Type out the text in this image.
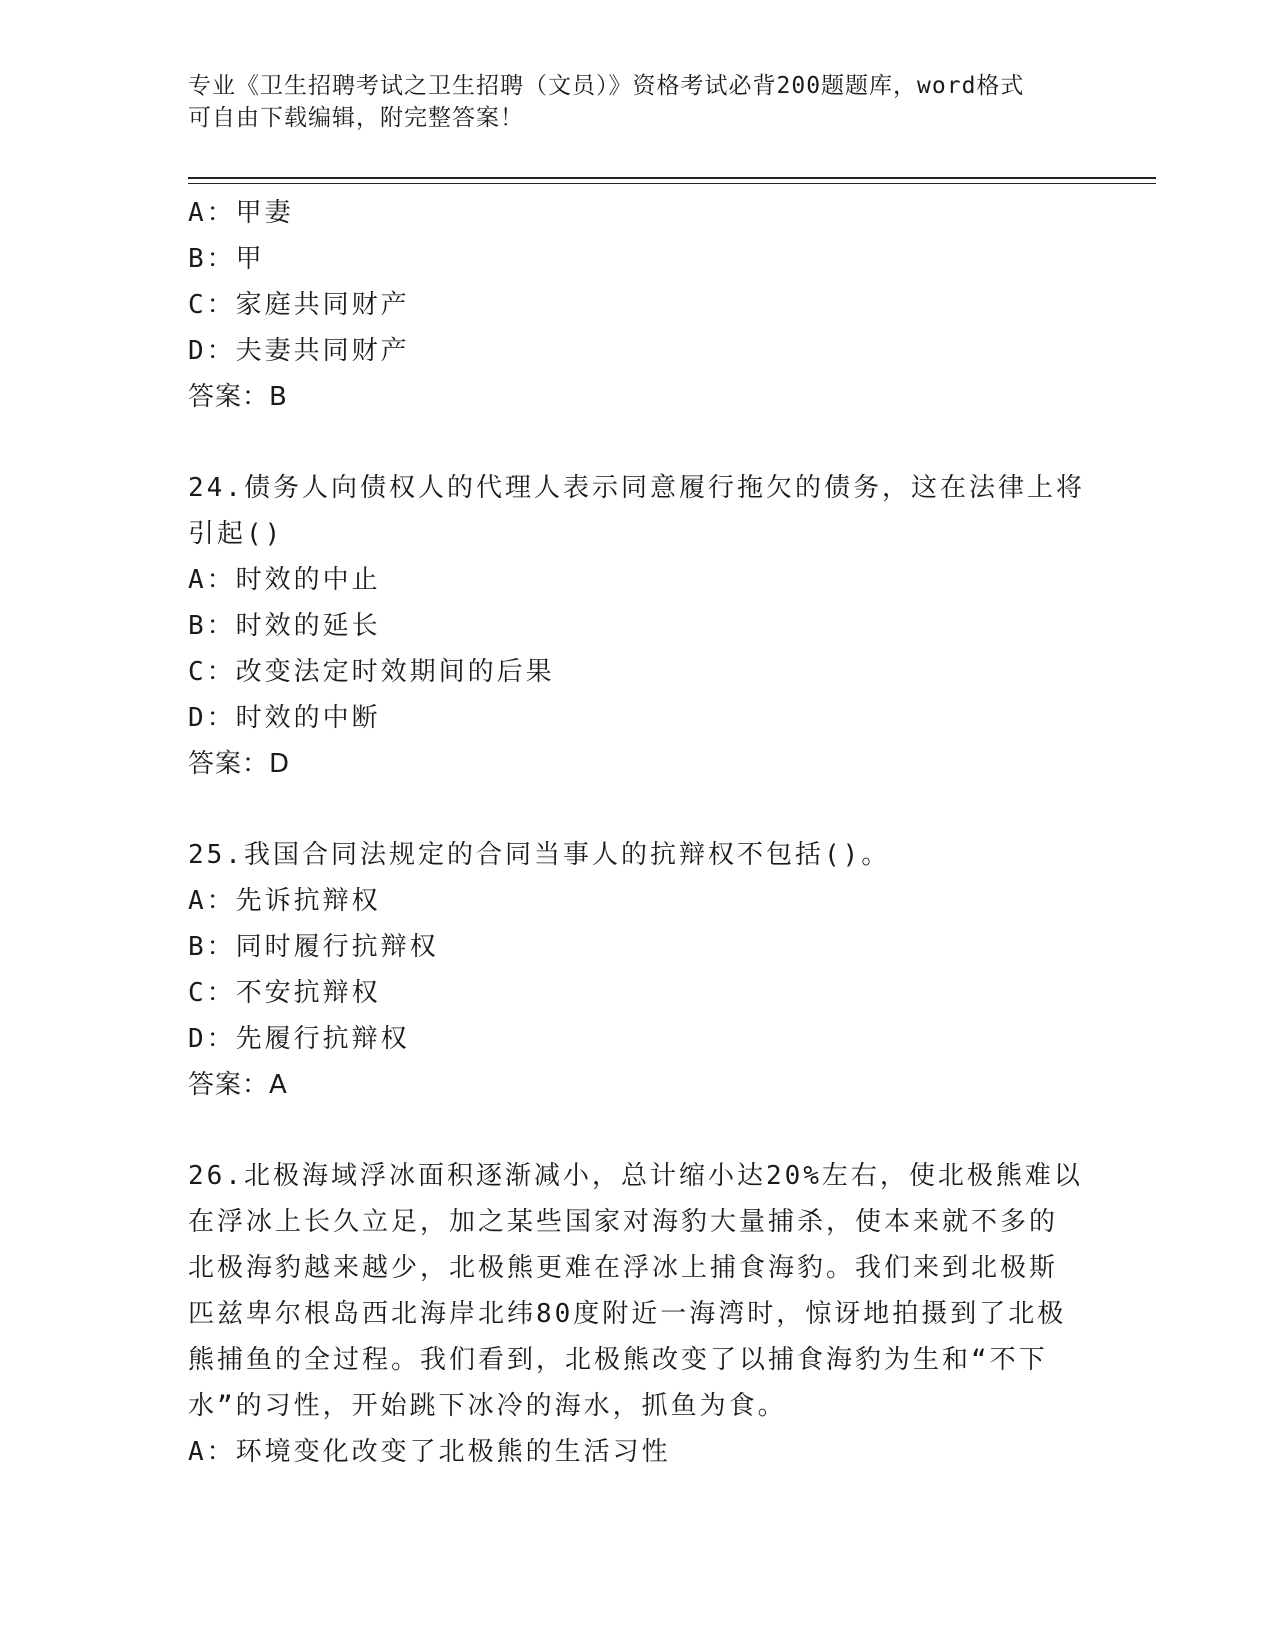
专业《卫生招聘考试之卫生招聘（文员）》资格考试必背200题题库，word格式
可自由下载编辑，附完整答案！
A：甲妻
B：甲
C：家庭共同财产
D：夫妻共同财产
答案：B
24.债务人向债权人的代理人表示同意履行拖欠的债务，这在法律上将
引起()
A：时效的中止
B：时效的延长
C：改变法定时效期间的后果
D：时效的中断
答案：D
25.我国合同法规定的合同当事人的抗辩权不包括()。
A：先诉抗辩权
B：同时履行抗辩权
C：不安抗辩权
D：先履行抗辩权
答案：A
26.北极海域浮冰面积逐渐减小，总计缩小达20%左右，使北极熊难以
在浮冰上长久立足，加之某些国家对海豹大量捕杀，使本来就不多的
北极海豹越来越少，北极熊更难在浮冰上捕食海豹。我们来到北极斯
匹兹卑尔根岛西北海岸北纬80度附近一海湾时，惊讶地拍摄到了北极
熊捕鱼的全过程。我们看到，北极熊改变了以捕食海豹为生和“不下
水”的习性，开始跳下冰冷的海水，抓鱼为食。
A：环境变化改变了北极熊的生活习性
